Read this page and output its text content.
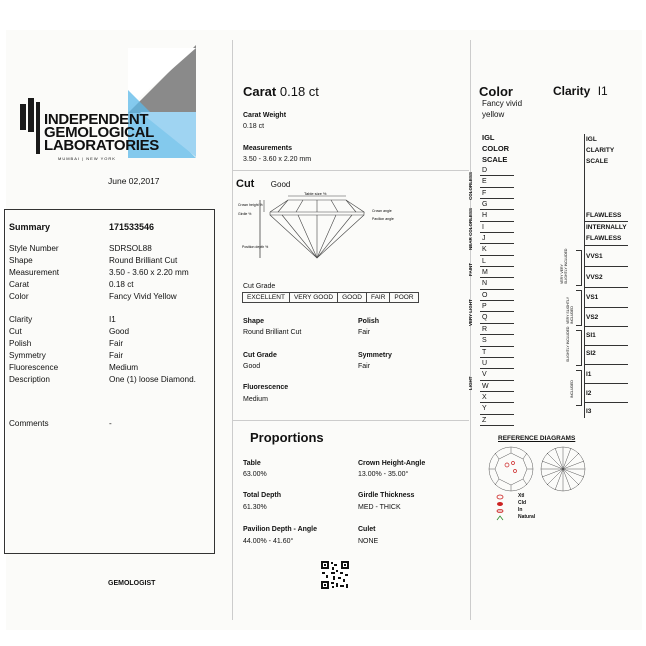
INDEPENDENT
GEMOLOGICAL
LABORATORIES
MUMBAI | NEW YORK
June 02,2017
Summary	171533546
Style Number	SDRSOL88
Shape	Round Brilliant Cut
Measurement	3.50 - 3.60 x 2.20 mm
Carat	0.18 ct
Color	Fancy Vivid Yellow
Clarity	I1
Cut	Good
Polish	Fair
Symmetry	Fair
Fluorescence	Medium
Description	One (1) loose Diamond.
Comments	-
GEMOLOGIST
Carat 0.18 ct
Carat Weight
0.18 ct
Measurements
3.50 - 3.60 x 2.20 mm
Cut Good
Table size %
Crown height %
Girdle %
Crown angle
Pavilion angle
Position depth %
Cut Grade
EXCELLENT	VERY GOOD	GOOD	FAIR	POOR
Shape
Round Brilliant Cut
Polish
Fair
Cut Grade
Good
Symmetry
Fair
Fluorescence
Medium
Proportions
Table
63.00%
Crown Height-Angle
13.00% - 35.00°
Total Depth
61.30%
Girdle Thickness
MED - THICK
Pavilion Depth - Angle
44.00% - 41.60°
Culet
NONE
Color
Fancy vivid
yellow
IGL
COLOR
SCALE
D
E
F
G
H
I
J
K
L
M
N
O
P
Q
R
S
T
U
V
W
X
Y
Z
COLORLESS
NEAR COLORLESS
FAINT
VERY LIGHT
LIGHT
Clarity I1
IGL
CLARITY
SCALE
FLAWLESS
INTERNALLY
FLAWLESS
VVS1
VVS2
VS1
VS2
SI1
SI2
I1
I2
I3
VERY VERY SLIGHTLY INCLUDED
VERY SLIGHTLY INCLUDED
SLIGHTLY INCLUDED
INCLUDED
REFERENCE DIAGRAMS
Xtl
Cld
In
Natural
